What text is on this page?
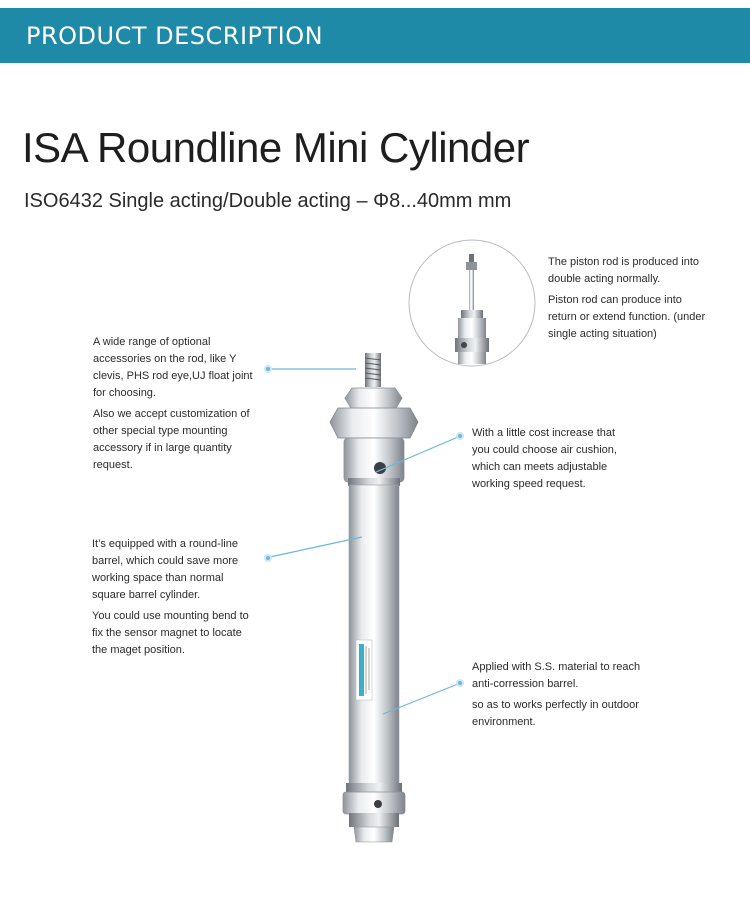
PRODUCT DESCRIPTION
ISA Roundline Mini Cylinder
ISO6432 Single acting/Double acting – Φ8...40mm mm

A wide range of optional accessories on the rod, like Y clevis, PHS rod eye,UJ float joint for choosing.

Also we accept customization of other special type mounting accessory if in large quantity request.

It’s equipped with a round-line barrel, which could save more working space than normal square barrel cylinder.

You could use mounting bend to fix the sensor magnet to locate the maget position.

The piston rod is produced into double acting normally.

Piston rod can produce into return or extend function. (under single acting situation)

With a little cost increase that you could choose air cushion, which can meets adjustable working speed request.

Applied with S.S. material to reach anti-corression barrel.

so as to works perfectly in outdoor environment.
